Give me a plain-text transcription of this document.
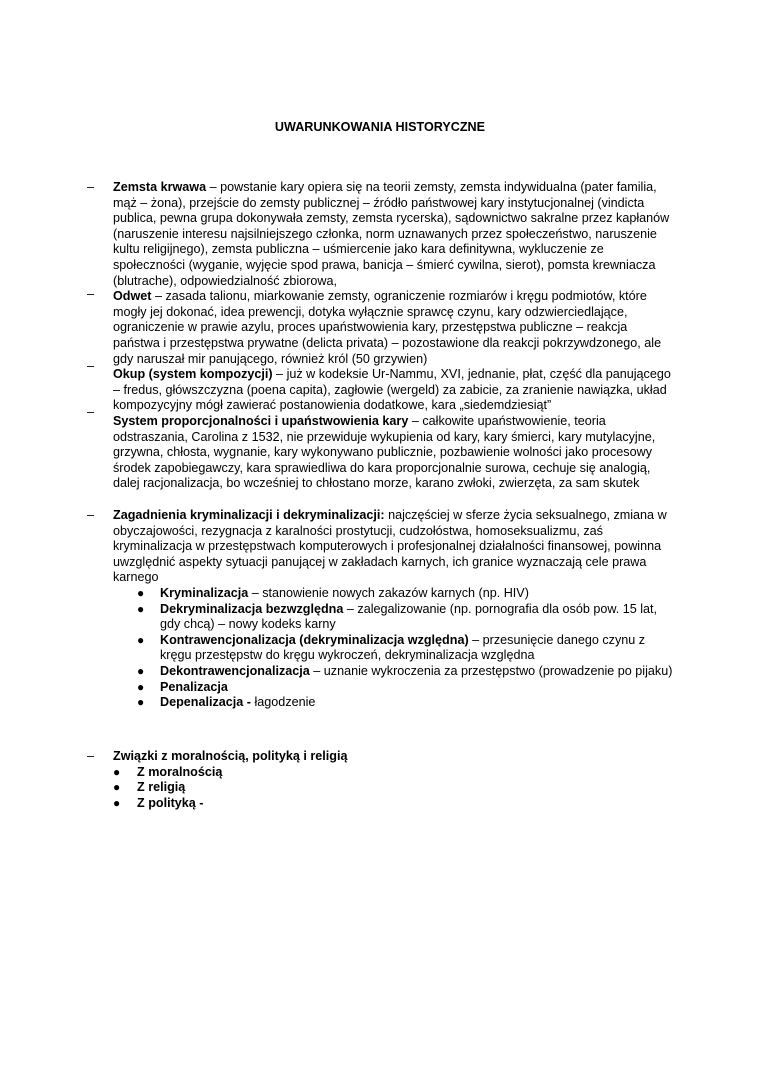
UWARUNKOWANIA HISTORYCZNE
–
–
–
–

Zemsta krwawa – powstanie kary opiera się na teorii zemsty, zemsta indywidualna (pater familia, mąż – żona), przejście do zemsty publicznej – źródło państwowej kary instytucjonalnej (vindicta publica, pewna grupa dokonywała zemsty, zemsta rycerska), sądownictwo sakralne przez kapłanów (naruszenie interesu najsilniejszego członka, norm uznawanych przez społeczeństwo, naruszenie kultu religijnego), zemsta publiczna – uśmiercenie jako kara definitywna, wykluczenie ze społeczności (wyganie, wyjęcie spod prawa, banicja – śmierć cywilna, sierot), pomsta krewniacza (blutrache), odpowiedzialność zbiorowa,

Odwet – zasada talionu, miarkowanie zemsty, ograniczenie rozmiarów i kręgu podmiotów, które mogły jej dokonać, idea prewencji, dotyka wyłącznie sprawcę czynu, kary odzwierciedlające, ograniczenie w prawie azylu, proces upaństwowienia kary, przestępstwa publiczne – reakcja państwa i przestępstwa prywatne (delicta privata) – pozostawione dla reakcji pokrzywdzonego, ale gdy naruszał mir panującego, również król (50 grzywien)

Okup (system kompozycji) – już w kodeksie Ur-Nammu, XVI, jednanie, płat, część dla panującego – fredus, główszczyzna (poena capita), zagłowie (wergeld) za zabicie, za zranienie nawiązka, układ kompozycyjny mógł zawierać postanowienia dodatkowe, kara „siedemdziesiąt”

System proporcjonalności i upaństwowienia kary – całkowite upaństwowienie, teoria odstraszania, Carolina z 1532, nie przewiduje wykupienia od kary, kary śmierci, kary mutylacyjne, grzywna, chłosta, wygnanie, kary wykonywano publicznie, pozbawienie wolności jako procesowy środek zapobiegawczy, kara sprawiedliwa do kara proporcjonalnie surowa, cechuje się analogią, dalej racjonalizacja, bo wcześniej to chłostano morze, karano zwłoki, zwierzęta, za sam skutek

–	Zagadnienia kryminalizacji i dekryminalizacji: najczęściej w sferze życia seksualnego, zmiana w obyczajowości, rezygnacja z karalności prostytucji, cudzołóstwa, homoseksualizmu, zaś kryminalizacja w przestępstwach komputerowych i profesjonalnej działalności finansowej, powinna uwzględnić aspekty sytuacji panującej w zakładach karnych, ich granice wyznaczają cele prawa karnego

● Kryminalizacja – stanowienie nowych zakazów karnych (np. HIV)
● Dekryminalizacja bezwzględna – zalegalizowanie (np. pornografia dla osób pow. 15 lat, gdy chcą) – nowy kodeks karny
● Kontrawencjonalizacja (dekryminalizacja względna) – przesunięcie danego czynu z kręgu przestępstw do kręgu wykroczeń, dekryminalizacja względna
● Dekontrawencjonalizacja – uznanie wykroczenia za przestępstwo (prowadzenie po pijaku)
● Penalizacja
● Depenalizacja - łagodzenie
–	Związki z moralnością, polityką i religią

● Z moralnością
● Z religią
● Z polityką -
